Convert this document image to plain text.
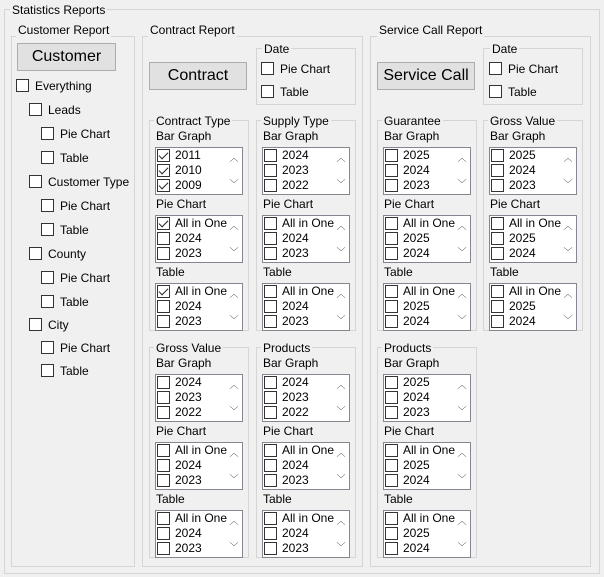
Statistics Reports
Customer Report
Customer
Everything
Leads
Pie Chart
Table
Customer Type
Pie Chart
Table
County
Pie Chart
Table
City
Pie Chart
Table
Contract Report
Contract
Date
Pie Chart
Table
Service Call Report
Service Call
Date
Pie Chart
Table
Contract Type
Bar Graph
2011
2010
2009
︿
﹀
Pie Chart
All in One
2024
2023
︿
﹀
Table
All in One
2024
2023
︿
﹀
Supply Type
Bar Graph
2024
2023
2022
︿
﹀
Pie Chart
All in One
2024
2023
︿
﹀
Table
All in One
2024
2023
︿
﹀
Gross Value
Bar Graph
2024
2023
2022
︿
﹀
Pie Chart
All in One
2024
2023
︿
﹀
Table
All in One
2024
2023
︿
﹀
Products
Bar Graph
2024
2023
2022
︿
﹀
Pie Chart
All in One
2024
2023
︿
﹀
Table
All in One
2024
2023
︿
﹀
Guarantee
Bar Graph
2025
2024
2023
︿
﹀
Pie Chart
All in One
2025
2024
︿
﹀
Table
All in One
2025
2024
︿
﹀
Gross Value
Bar Graph
2025
2024
2023
︿
﹀
Pie Chart
All in One
2025
2024
︿
﹀
Table
All in One
2025
2024
︿
﹀
Products
Bar Graph
2025
2024
2023
︿
﹀
Pie Chart
All in One
2025
2024
︿
﹀
Table
All in One
2025
2024
︿
﹀
